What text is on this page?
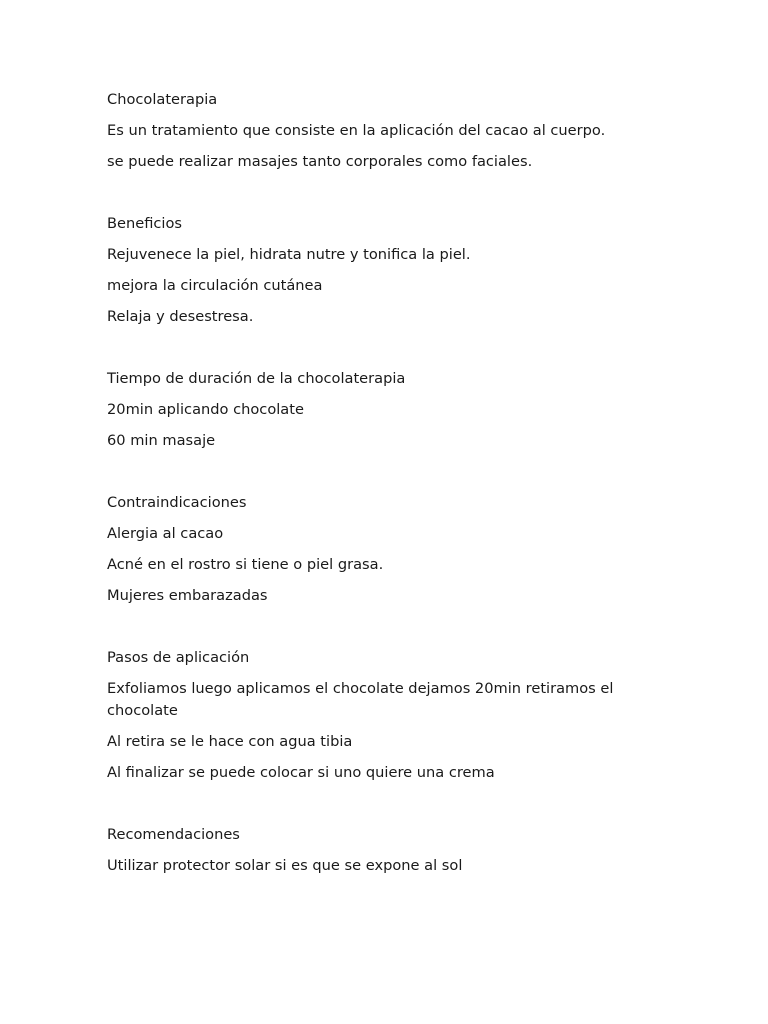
Chocolaterapia

Es un tratamiento que consiste en la aplicación del cacao al cuerpo.

se puede realizar masajes tanto corporales como faciales.

Beneficios

Rejuvenece la piel, hidrata nutre y tonifica la piel.

mejora la circulación cutánea

Relaja y desestresa.

Tiempo de duración de la chocolaterapia

20min aplicando chocolate

60 min masaje

Contraindicaciones

Alergia al cacao

Acné en el rostro si tiene o piel grasa.

Mujeres embarazadas

Pasos de aplicación

Exfoliamos luego aplicamos el chocolate dejamos 20min retiramos el chocolate

Al retira se le hace con agua tibia

Al finalizar se puede colocar si uno quiere una crema

Recomendaciones

Utilizar protector solar si es que se expone al sol
